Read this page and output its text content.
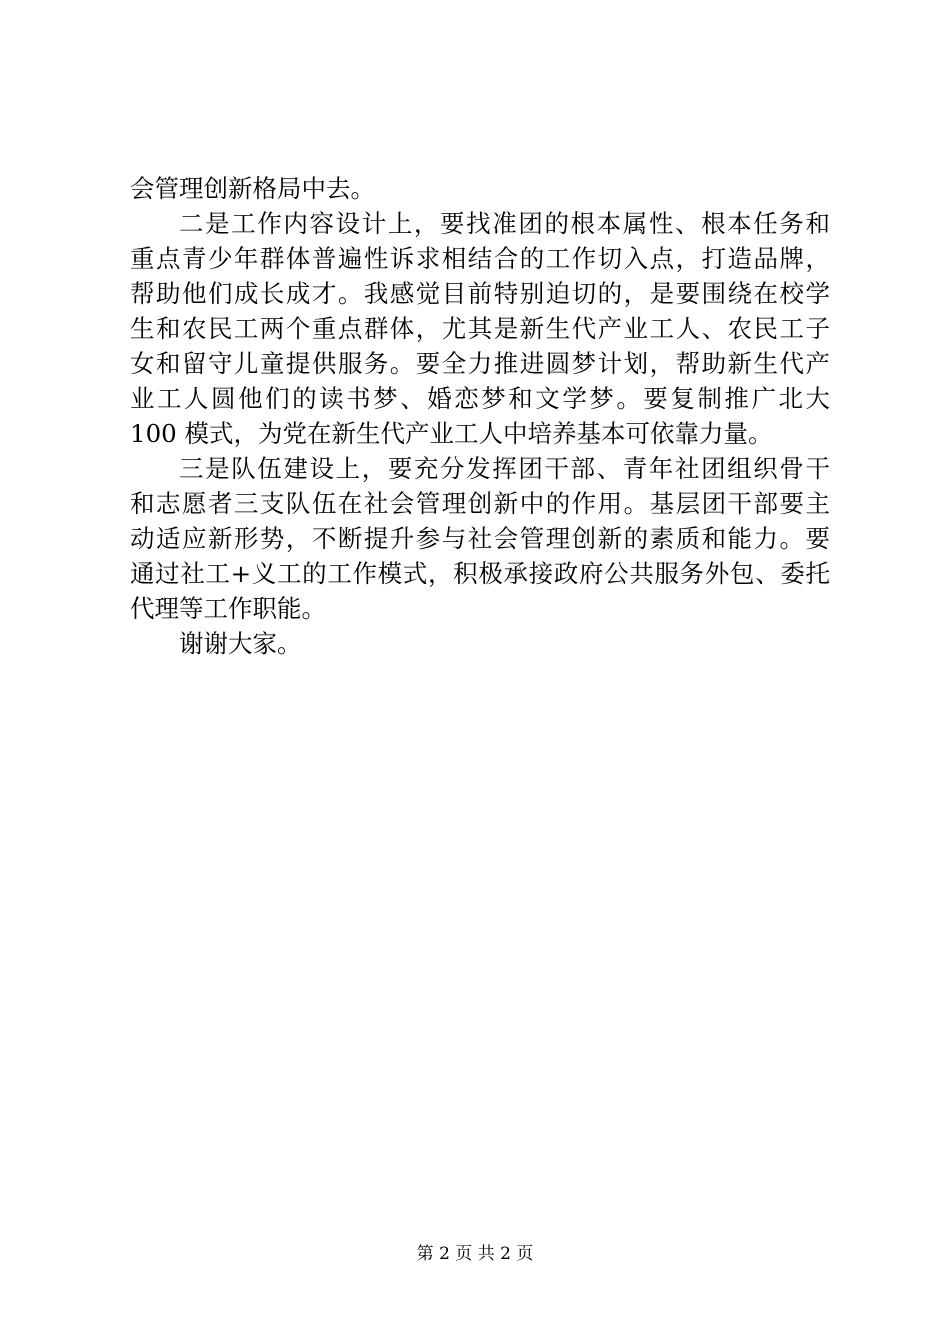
会管理创新格局中去。
二是工作内容设计上，要找准团的根本属性、根本任务和
重点青少年群体普遍性诉求相结合的工作切入点，打造品牌，
帮助他们成长成才。我感觉目前特别迫切的，是要围绕在校学
生和农民工两个重点群体，尤其是新生代产业工人、农民工子
女和留守儿童提供服务。要全力推进圆梦计划，帮助新生代产
业工人圆他们的读书梦、婚恋梦和文学梦。要复制推广北大
100 模式，为党在新生代产业工人中培养基本可依靠力量。
三是队伍建设上，要充分发挥团干部、青年社团组织骨干
和志愿者三支队伍在社会管理创新中的作用。基层团干部要主
动适应新形势，不断提升参与社会管理创新的素质和能力。要
通过社工+义工的工作模式，积极承接政府公共服务外包、委托
代理等工作职能。
谢谢大家。
第 2 页 共 2 页
